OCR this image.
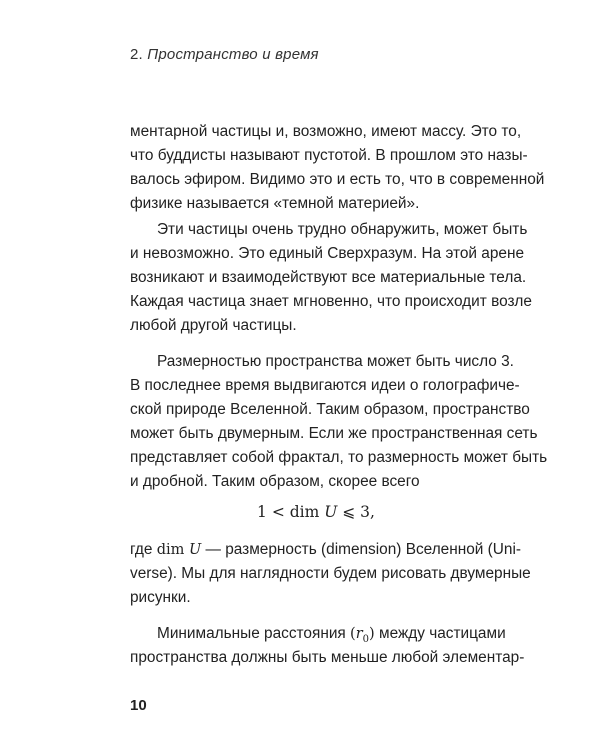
2. Пространство и время
ментарной частицы и, возможно, имеют массу. Это то,
что буддисты называют пустотой. В прошлом это назы-
валось эфиром. Видимо это и есть то, что в современной
физике называется «темной материей».
Эти частицы очень трудно обнаружить, может быть
и невозможно. Это единый Сверхразум. На этой арене
возникают и взаимодействуют все материальные тела.
Каждая частица знает мгновенно, что происходит возле
любой другой частицы.
Размерностью пространства может быть число 3.
В последнее время выдвигаются идеи о голографиче-
ской природе Вселенной. Таким образом, пространство
может быть двумерным. Если же пространственная сеть
представляет собой фрактал, то размерность может быть
и дробной. Таким образом, скорее всего
1 < dim U ⩽ 3,
где dim U — размерность (dimension) Вселенной (Uni-
verse). Мы для наглядности будем рисовать двумерные
рисунки.
Минимальные расстояния $(r_0)$ между частицами
пространства должны быть меньше любой элементар-
10
